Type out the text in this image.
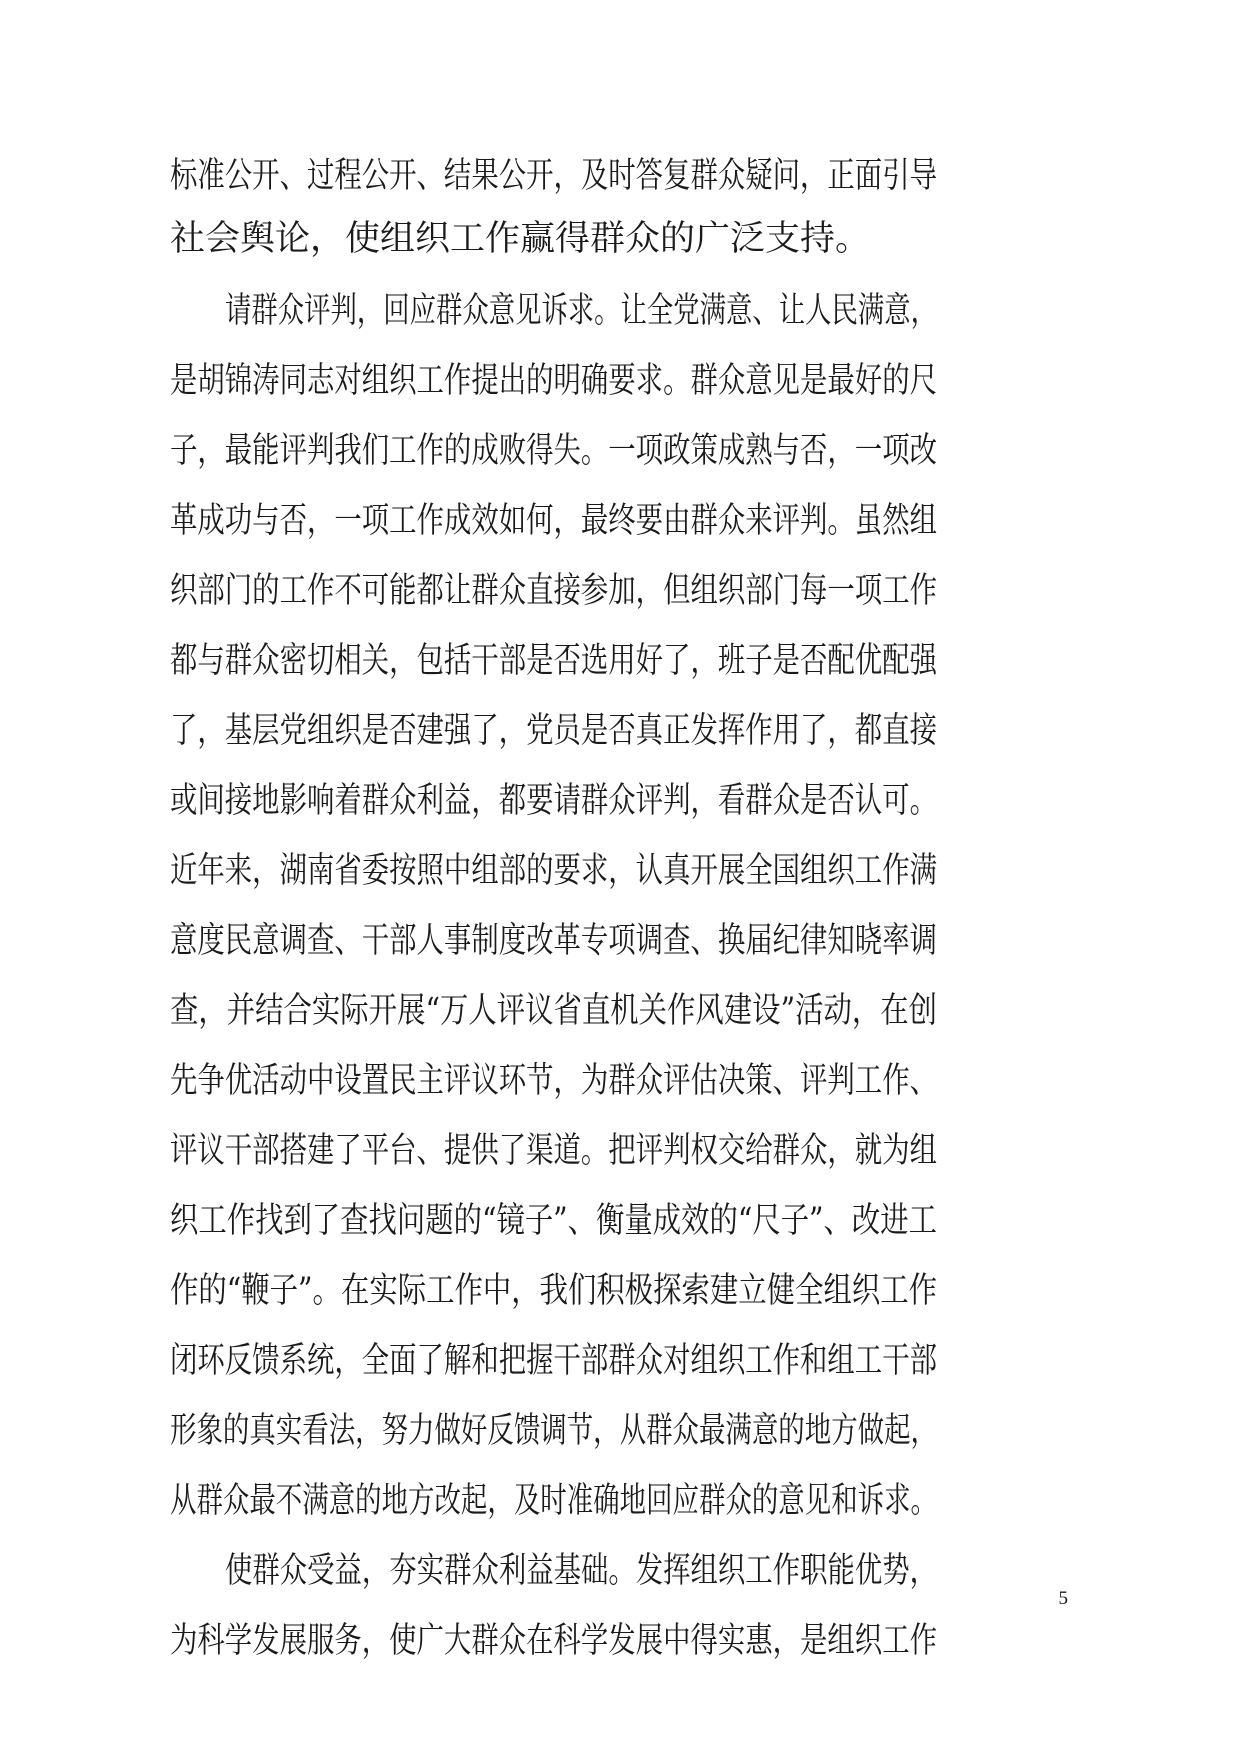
标准公开、过程公开、结果公开，及时答复群众疑问，正面引导
社会舆论，使组织工作赢得群众的广泛支持。
请群众评判，回应群众意见诉求。让全党满意、让人民满意，
是胡锦涛同志对组织工作提出的明确要求。群众意见是最好的尺
子，最能评判我们工作的成败得失。一项政策成熟与否，一项改
革成功与否，一项工作成效如何，最终要由群众来评判。虽然组
织部门的工作不可能都让群众直接参加，但组织部门每一项工作
都与群众密切相关，包括干部是否选用好了，班子是否配优配强
了，基层党组织是否建强了，党员是否真正发挥作用了，都直接
或间接地影响着群众利益，都要请群众评判，看群众是否认可。
近年来，湖南省委按照中组部的要求，认真开展全国组织工作满
意度民意调查、干部人事制度改革专项调查、换届纪律知晓率调
查，并结合实际开展“万人评议省直机关作风建设”活动，在创
先争优活动中设置民主评议环节，为群众评估决策、评判工作、
评议干部搭建了平台、提供了渠道。把评判权交给群众，就为组
织工作找到了查找问题的“镜子”、衡量成效的“尺子”、改进工
作的“鞭子”。在实际工作中，我们积极探索建立健全组织工作
闭环反馈系统，全面了解和把握干部群众对组织工作和组工干部
形象的真实看法，努力做好反馈调节，从群众最满意的地方做起，
从群众最不满意的地方改起，及时准确地回应群众的意见和诉求。
使群众受益，夯实群众利益基础。发挥组织工作职能优势，
为科学发展服务，使广大群众在科学发展中得实惠，是组织工作
5
